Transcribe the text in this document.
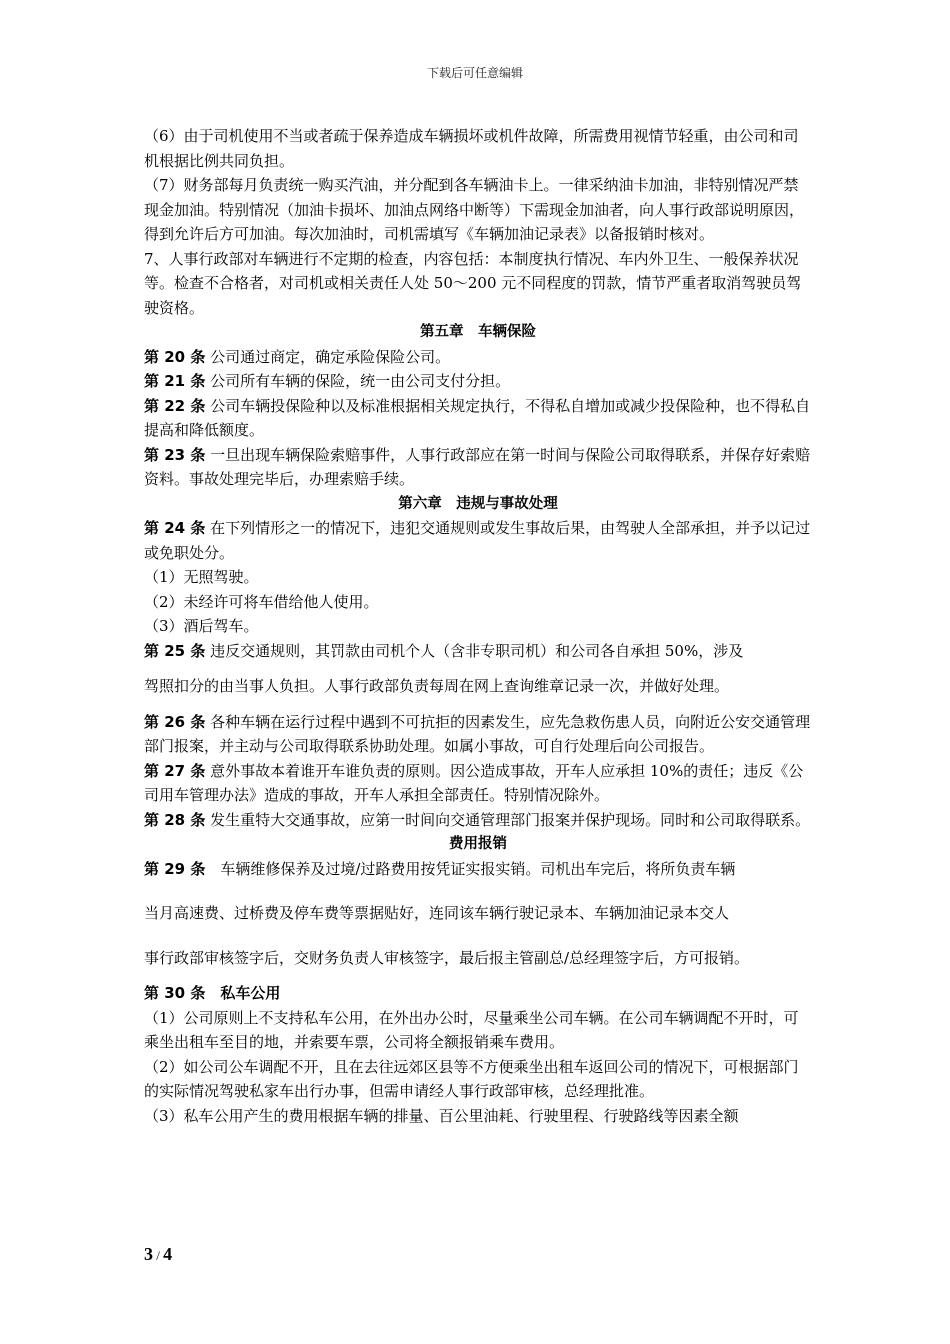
下载后可任意编辑

（6）由于司机使用不当或者疏于保养造成车辆损坏或机件故障，所需费用视情节轻重，由公司和司机根据比例共同负担。

（7）财务部每月负责统一购买汽油，并分配到各车辆油卡上。一律采纳油卡加油，非特别情况严禁现金加油。特别情况（加油卡损坏、加油点网络中断等）下需现金加油者，向人事行政部说明原因，得到允许后方可加油。每次加油时，司机需填写《车辆加油记录表》以备报销时核对。

7、人事行政部对车辆进行不定期的检查，内容包括：本制度执行情况、车内外卫生、一般保养状况等。检查不合格者，对司机或相关责任人处 50～200 元不同程度的罚款，情节严重者取消驾驶员驾驶资格。

第五章　车辆保险

第 20 条 公司通过商定，确定承险保险公司。

第 21 条 公司所有车辆的保险，统一由公司支付分担。

第 22 条 公司车辆投保险种以及标准根据相关规定执行，不得私自增加或减少投保险种，也不得私自提高和降低额度。

第 23 条 一旦出现车辆保险索赔事件，人事行政部应在第一时间与保险公司取得联系，并保存好索赔资料。事故处理完毕后，办理索赔手续。

第六章　违规与事故处理

第 24 条 在下列情形之一的情况下，违犯交通规则或发生事故后果，由驾驶人全部承担，并予以记过或免职处分。

（1）无照驾驶。

（2）未经许可将车借给他人使用。

（3）酒后驾车。

第 25 条 违反交通规则，其罚款由司机个人（含非专职司机）和公司各自承担 50%，涉及

驾照扣分的由当事人负担。人事行政部负责每周在网上查询维章记录一次，并做好处理。

第 26 条 各种车辆在运行过程中遇到不可抗拒的因素发生，应先急救伤患人员，向附近公安交通管理部门报案，并主动与公司取得联系协助处理。如属小事故，可自行处理后向公司报告。

第 27 条 意外事故本着谁开车谁负责的原则。因公造成事故，开车人应承担 10%的责任；违反《公司用车管理办法》造成的事故，开车人承担全部责任。特别情况除外。

第 28 条 发生重特大交通事故，应第一时间向交通管理部门报案并保护现场。同时和公司取得联系。

费用报销

第 29 条　车辆维修保养及过境/过路费用按凭证实报实销。司机出车完后，将所负责车辆

当月高速费、过桥费及停车费等票据贴好，连同该车辆行驶记录本、车辆加油记录本交人

事行政部审核签字后，交财务负责人审核签字，最后报主管副总/总经理签字后，方可报销。

第 30 条　私车公用

（1）公司原则上不支持私车公用，在外出办公时，尽量乘坐公司车辆。在公司车辆调配不开时，可乘坐出租车至目的地，并索要车票，公司将全额报销乘车费用。

（2）如公司公车调配不开，且在去往远郊区县等不方便乘坐出租车返回公司的情况下，可根据部门的实际情况驾驶私家车出行办事，但需申请经人事行政部审核，总经理批准。

（3）私车公用产生的费用根据车辆的排量、百公里油耗、行驶里程、行驶路线等因素全额

3 / 4
